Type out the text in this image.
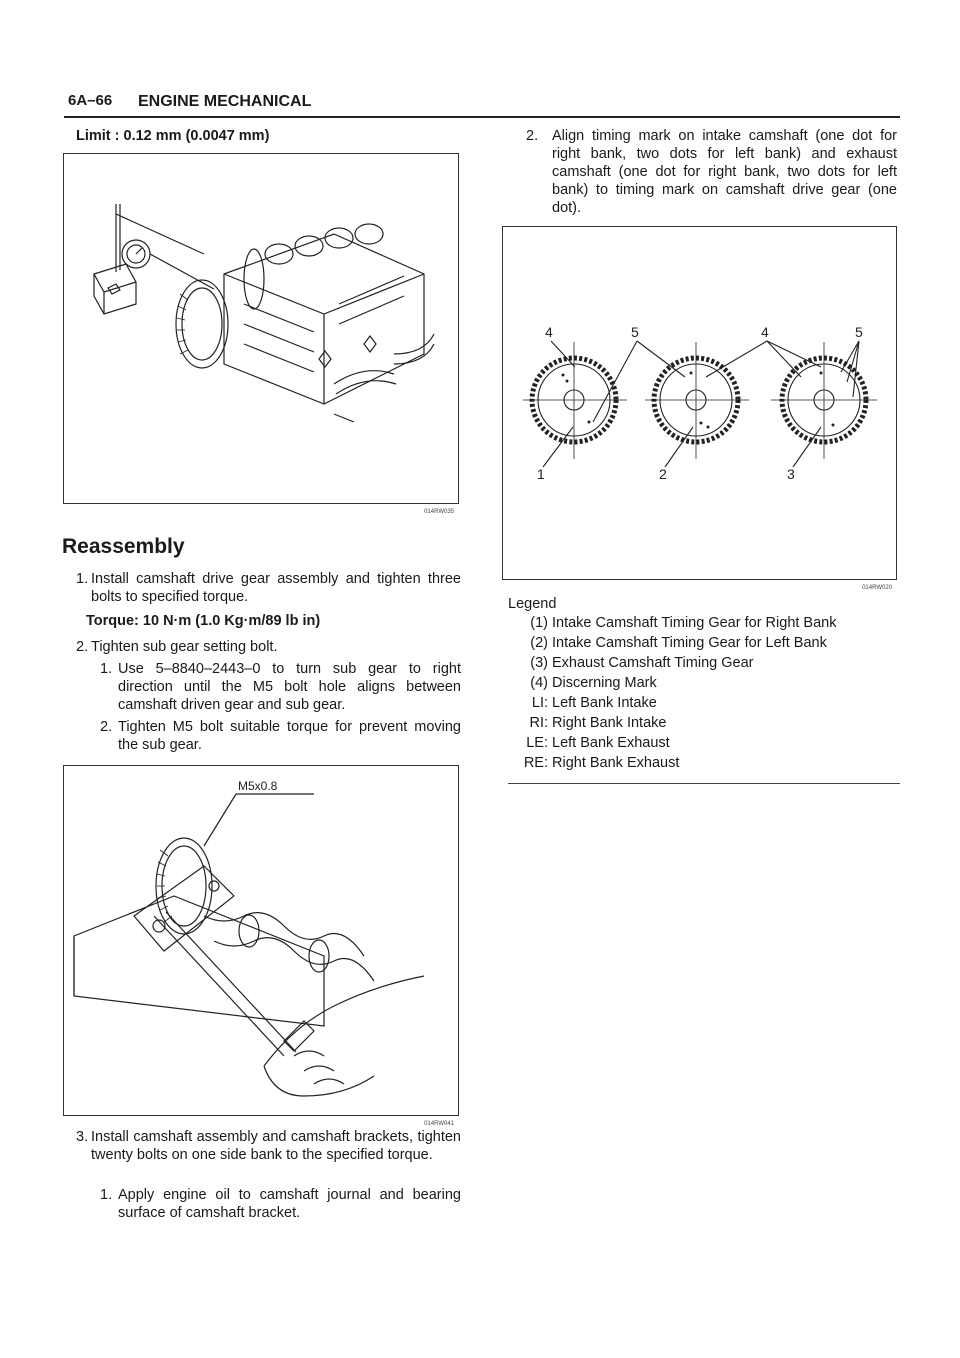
6A–66 ENGINE MECHANICAL
Limit : 0.12 mm (0.0047 mm)
014RW035
Reassembly
1. Install camshaft drive gear assembly and tighten three bolts to specified torque.
Torque: 10 N·m (1.0 Kg·m/89 lb in)
2. Tighten sub gear setting bolt.
1. Use 5–8840–2443–0 to turn sub gear to right direction until the M5 bolt hole aligns between camshaft driven gear and sub gear.
2. Tighten M5 bolt suitable torque for prevent moving the sub gear.
M5x0.8
014RW041
3. Install camshaft assembly and camshaft brackets, tighten twenty bolts on one side bank to the specified torque.
1. Apply engine oil to camshaft journal and bearing surface of camshaft bracket.
2. Align timing mark on intake camshaft (one dot for right bank, two dots for left bank) and exhaust camshaft (one dot for right bank, two dots for left bank) to timing mark on camshaft drive gear (one dot).
4	5	4	5
1	2	3
014RW020
Legend
(1) Intake Camshaft Timing Gear for Right Bank
(2) Intake Camshaft Timing Gear for Left Bank
(3) Exhaust Camshaft Timing Gear
(4) Discerning Mark
LI: Left Bank Intake
RI: Right Bank Intake
LE: Left Bank Exhaust
RE: Right Bank Exhaust
